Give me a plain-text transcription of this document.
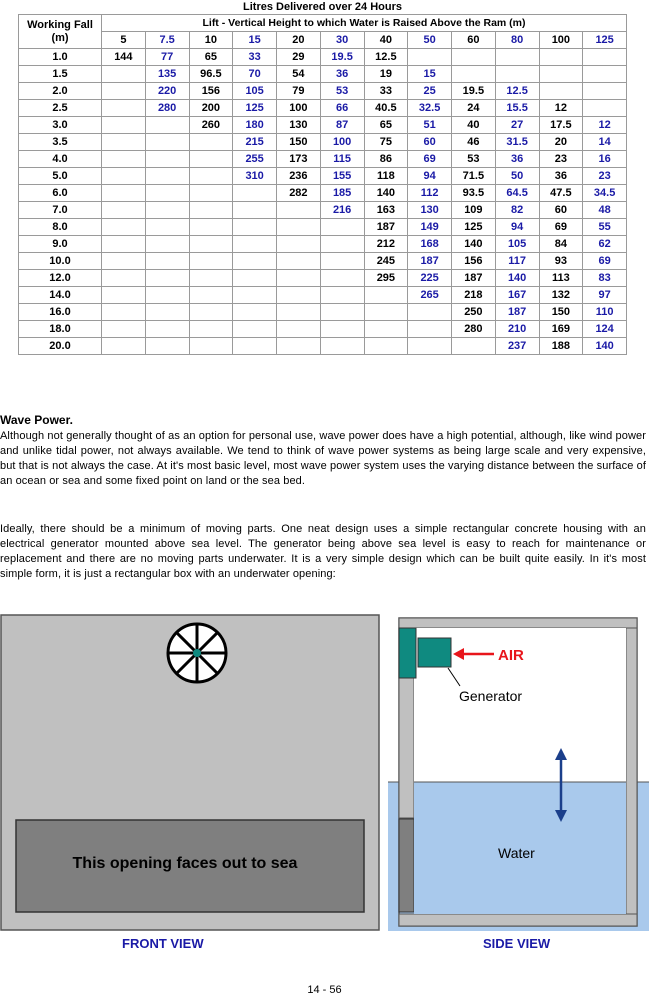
Litres Delivered over 24 Hours
Working Fall
(m)	Lift - Vertical Height to which Water is Raised Above the Ram (m)											
	5	7.5	10	15	20	30	40	50	60	80	100	125
1.0	144	77	65	33	29	19.5	12.5					
1.5		135	96.5	70	54	36	19	15				
2.0		220	156	105	79	53	33	25	19.5	12.5		
2.5		280	200	125	100	66	40.5	32.5	24	15.5	12	
3.0			260	180	130	87	65	51	40	27	17.5	12
3.5				215	150	100	75	60	46	31.5	20	14
4.0				255	173	115	86	69	53	36	23	16
5.0				310	236	155	118	94	71.5	50	36	23
6.0					282	185	140	112	93.5	64.5	47.5	34.5
7.0						216	163	130	109	82	60	48
8.0							187	149	125	94	69	55
9.0							212	168	140	105	84	62
10.0							245	187	156	117	93	69
12.0							295	225	187	140	113	83
14.0								265	218	167	132	97
16.0									250	187	150	110
18.0									280	210	169	124
20.0										237	188	140
Wave Power.

Although not generally thought of as an option for personal use, wave power does have a high potential, although, like wind power and unlike tidal power, not always available. We tend to think of wave power systems as being large scale and very expensive, but that is not always the case. At it's most basic level, most wave power system uses the varying distance between the surface of an ocean or sea and some fixed point on land or the sea bed.

Ideally, there should be a minimum of moving parts. One neat design uses a simple rectangular concrete housing with an electrical generator mounted above sea level. The generator being above sea level is easy to reach for maintenance or replacement and there are no moving parts underwater. It is a very simple design which can be built quite easily. In it's most simple form, it is just a rectangular box with an underwater opening:

This opening faces out to sea
FRONT VIEW
AIR
Generator
Water
SIDE VIEW
14 - 56
